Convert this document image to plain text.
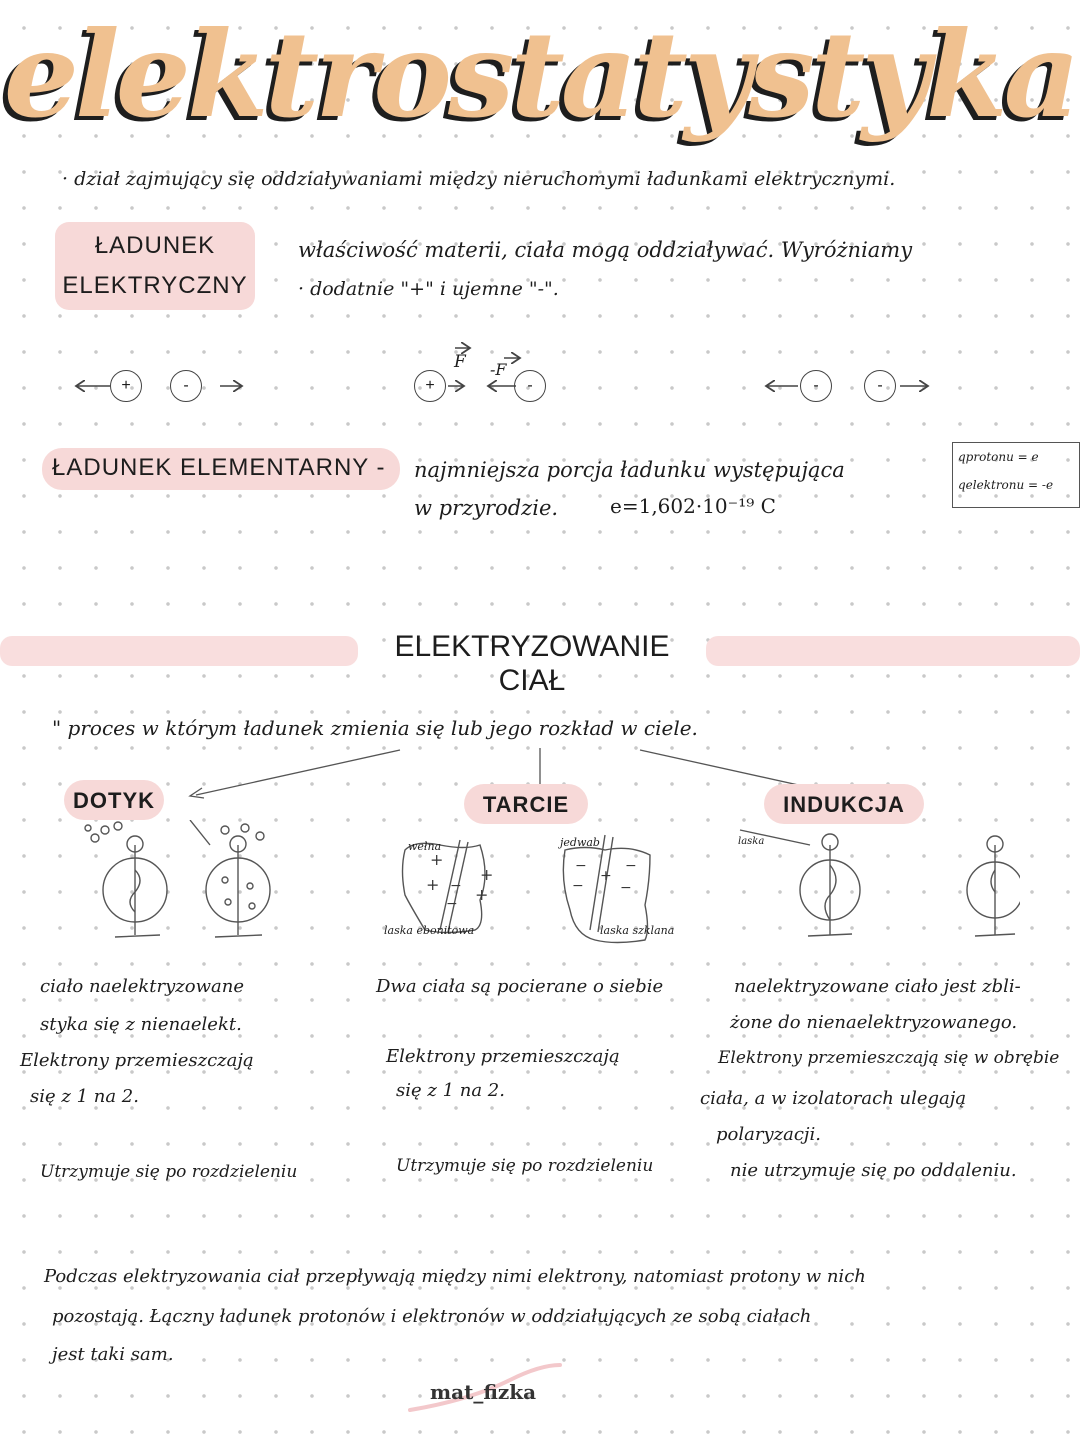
elektrostatystyka
· dział zajmujący się oddziaływaniami między nieruchomymi ładunkami elektrycznymi.
ŁADUNEK
ELEKTRYCZNY
właściwość materii, ciała mogą oddziaływać. Wyróżniamy
· dodatnie "+" i ujemne "-".
+	-	+	-	-	-
F -F
ŁADUNEK ELEMENTARNY - najmniejsza porcja ładunku występująca
w przyrodzie.	e=1,602·10⁻¹⁹ C
qprotonu = e
qelektronu = -e
ELEKTRYZOWANIE CIAŁ
" proces w którym ładunek zmienia się lub jego rozkład w ciele.
DOTYK	TARCIE	INDUKCJA
+
+
+
+
−
−
−
−
−
−
+
wełna	jedwab
laska ebonitowa	laska szklana
laska
ciało naelektryzowane
styka się z nienaelekt.
Elektrony przemieszczają
się z 1 na 2.
Utrzymuje się po rozdzieleniu
Dwa ciała są pocierane o siebie
Elektrony przemieszczają
się z 1 na 2.
Utrzymuje się po rozdzieleniu
naelektryzowane ciało jest zbli-
żone do nienaelektryzowanego.
Elektrony przemieszczają się w obrębie
ciała, a w izolatorach ulegają
polaryzacji.
nie utrzymuje się po oddaleniu.
Podczas elektryzowania ciał przepływają między nimi elektrony, natomiast protony w nich
pozostają. Łączny ładunek protonów i elektronów w oddziałujących ze sobą ciałach
jest taki sam.
mat_fizka
